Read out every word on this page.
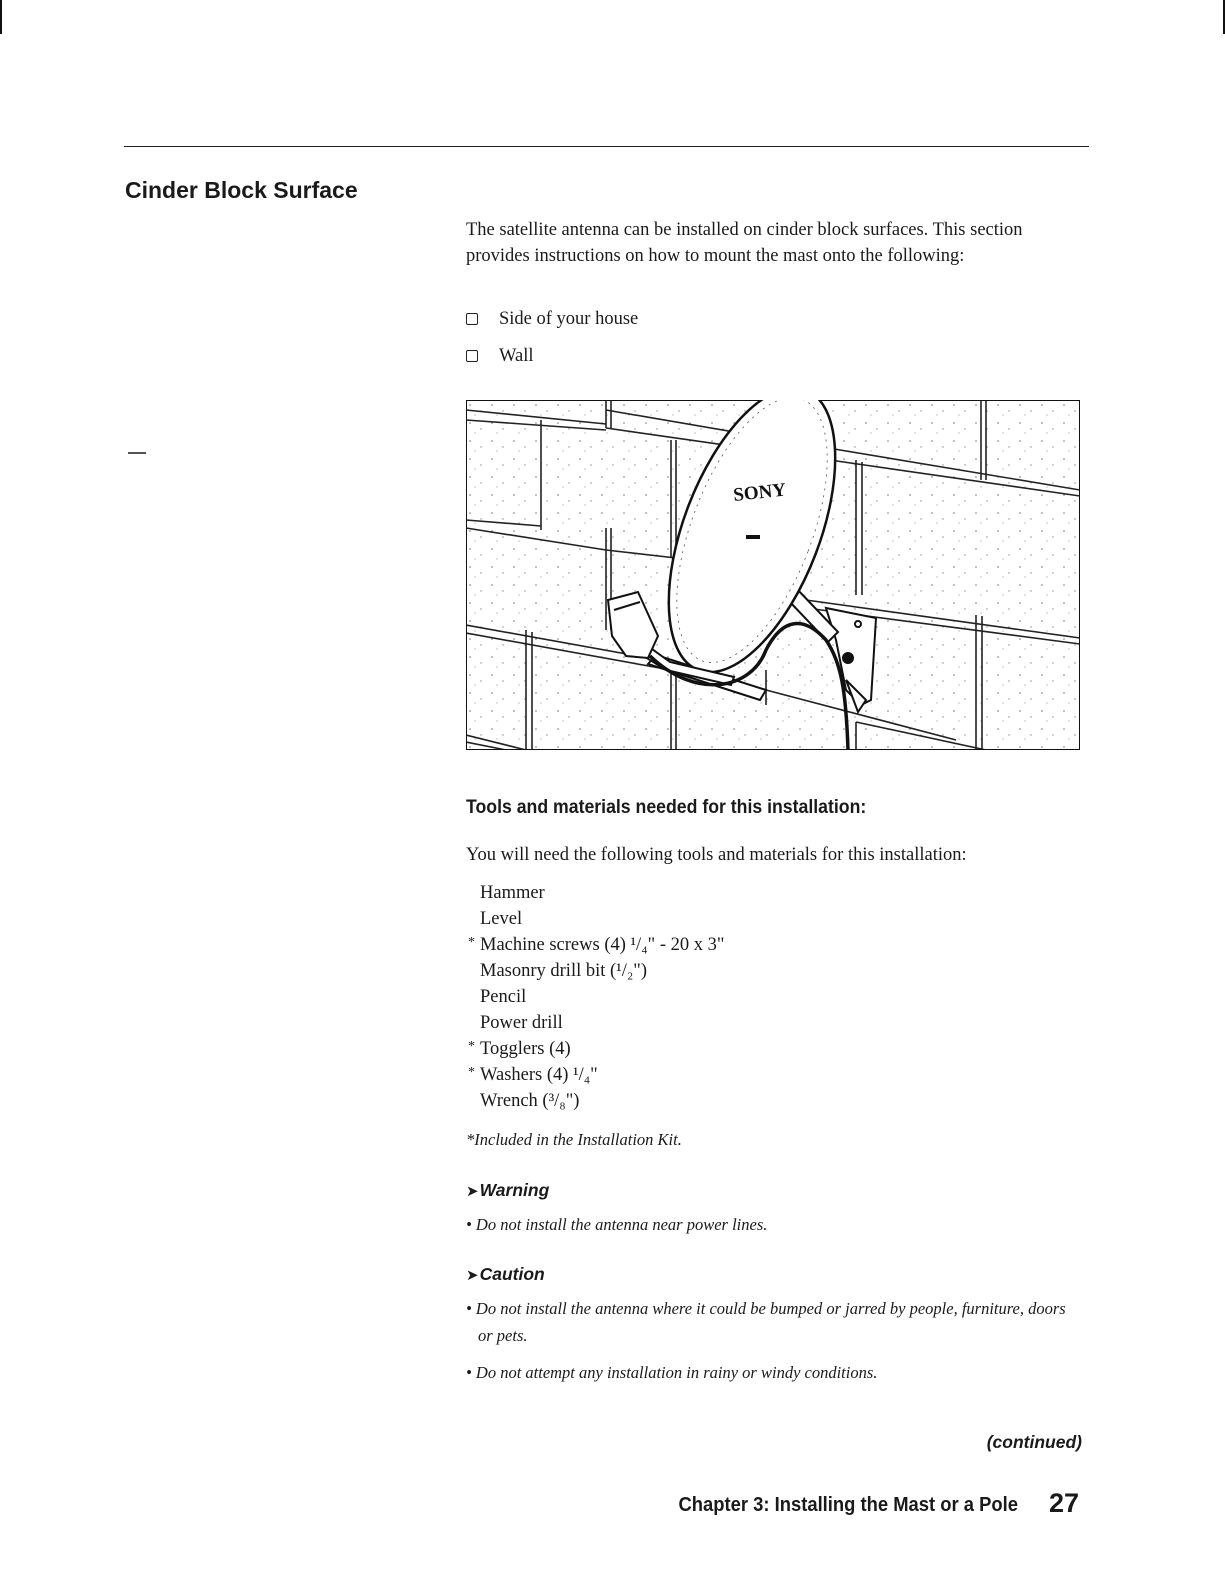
Cinder Block Surface

The satellite antenna can be installed on cinder block surfaces. This section provides instructions on how to mount the mast onto the following:

Side of your house
Wall
SONY
Tools and materials needed for this installation:

You will need the following tools and materials for this installation:

Hammer
Level
* Machine screws (4) ¹/₄" - 20 x 3"
Masonry drill bit (¹/₂")
Pencil
Power drill
* Togglers (4)
* Washers (4) ¹/₄"
Wrench (³/₈")

*Included in the Installation Kit.

➤Warning

• Do not install the antenna near power lines.

➤Caution

• Do not install the antenna where it could be bumped or jarred by people, furniture, doors or pets.

• Do not attempt any installation in rainy or windy conditions.

(continued)

Chapter 3: Installing the Mast or a Pole 27
